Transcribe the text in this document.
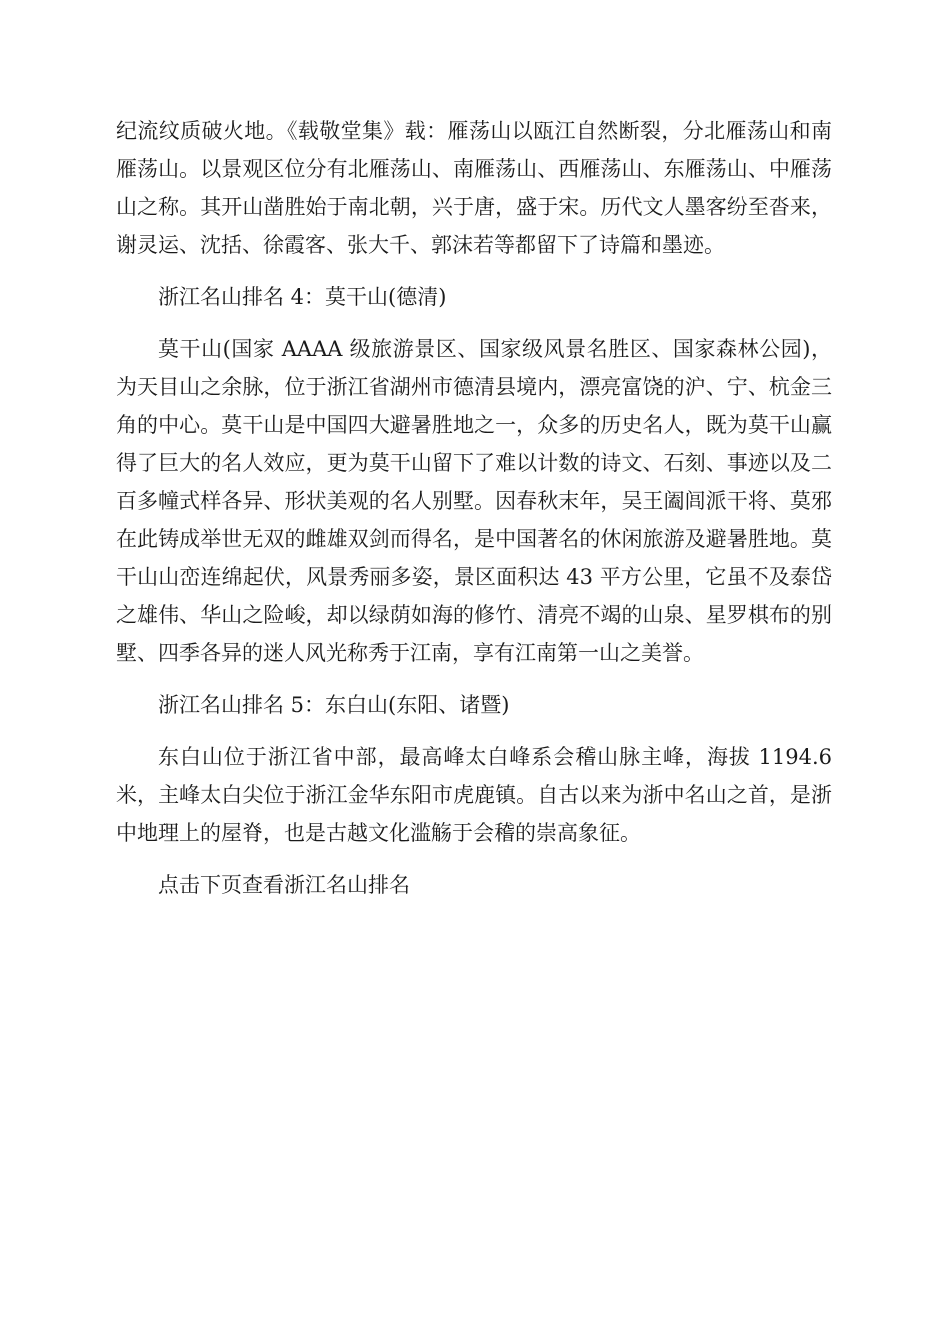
纪流纹质破火地。《载敬堂集》载：雁荡山以瓯江自然断裂，分北雁荡山和南雁荡山。以景观区位分有北雁荡山、南雁荡山、西雁荡山、东雁荡山、中雁荡山之称。其开山凿胜始于南北朝，兴于唐，盛于宋。历代文人墨客纷至沓来，谢灵运、沈括、徐霞客、张大千、郭沫若等都留下了诗篇和墨迹。

浙江名山排名 4：莫干山(德清)

莫干山(国家 AAAA 级旅游景区、国家级风景名胜区、国家森林公园)，为天目山之余脉，位于浙江省湖州市德清县境内，漂亮富饶的沪、宁、杭金三角的中心。莫干山是中国四大避暑胜地之一，众多的历史名人，既为莫干山赢得了巨大的名人效应，更为莫干山留下了难以计数的诗文、石刻、事迹以及二百多幢式样各异、形状美观的名人别墅。因春秋末年，吴王阖闾派干将、莫邪在此铸成举世无双的雌雄双剑而得名，是中国著名的休闲旅游及避暑胜地。莫干山山峦连绵起伏，风景秀丽多姿，景区面积达 43 平方公里，它虽不及泰岱之雄伟、华山之险峻，却以绿荫如海的修竹、清亮不竭的山泉、星罗棋布的别墅、四季各异的迷人风光称秀于江南，享有江南第一山之美誉。

浙江名山排名 5：东白山(东阳、诸暨)

东白山位于浙江省中部，最高峰太白峰系会稽山脉主峰，海拔 1194.6 米，主峰太白尖位于浙江金华东阳市虎鹿镇。自古以来为浙中名山之首，是浙中地理上的屋脊，也是古越文化滥觞于会稽的崇高象征。

点击下页查看浙江名山排名
